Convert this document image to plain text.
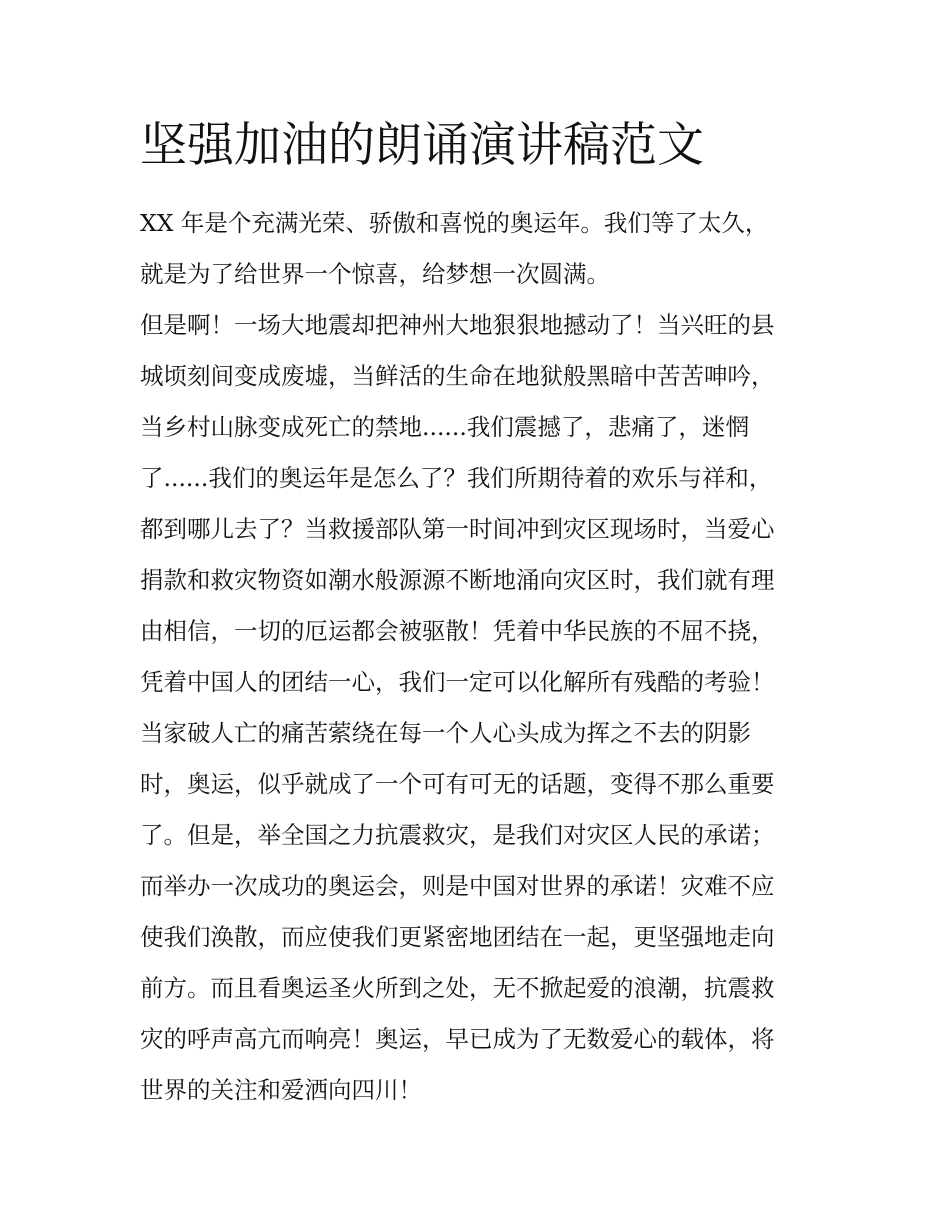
坚强加油的朗诵演讲稿范文
XX 年是个充满光荣、骄傲和喜悦的奥运年。我们等了太久，
就是为了给世界一个惊喜，给梦想一次圆满。
但是啊！一场大地震却把神州大地狠狠地撼动了！当兴旺的县
城顷刻间变成废墟，当鲜活的生命在地狱般黑暗中苦苦呻吟，
当乡村山脉变成死亡的禁地......我们震撼了，悲痛了，迷惘
了......我们的奥运年是怎么了？我们所期待着的欢乐与祥和，
都到哪儿去了？当救援部队第一时间冲到灾区现场时，当爱心
捐款和救灾物资如潮水般源源不断地涌向灾区时，我们就有理
由相信，一切的厄运都会被驱散！凭着中华民族的不屈不挠，
凭着中国人的团结一心，我们一定可以化解所有残酷的考验！
当家破人亡的痛苦萦绕在每一个人心头成为挥之不去的阴影
时，奥运，似乎就成了一个可有可无的话题，变得不那么重要
了。但是，举全国之力抗震救灾，是我们对灾区人民的承诺；
而举办一次成功的奥运会，则是中国对世界的承诺！灾难不应
使我们涣散，而应使我们更紧密地团结在一起，更坚强地走向
前方。而且看奥运圣火所到之处，无不掀起爱的浪潮，抗震救
灾的呼声高亢而响亮！奥运，早已成为了无数爱心的载体，将
世界的关注和爱洒向四川！
